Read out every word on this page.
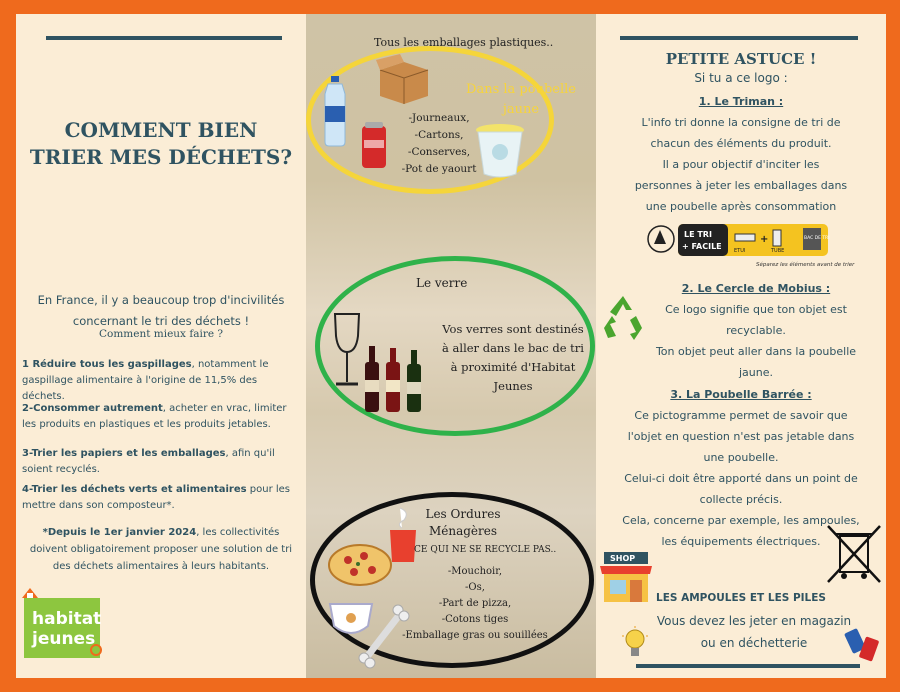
COMMENT BIEN
TRIER MES DÉCHETS?
En France, il y a beaucoup trop d'incivilités concernant le tri des déchets !
Comment mieux faire ?
1 Réduire tous les gaspillages, notamment le gaspillage alimentaire à l'origine de 11,5% des déchets.
2-Consommer autrement, acheter en vrac, limiter les produits en plastiques et les produits jetables.
3-Trier les papiers et les emballages, afin qu'il soient recyclés.
4-Trier les déchets verts et alimentaires pour les mettre dans son composteur*.
*Depuis le 1er janvier 2024, les collectivités doivent obligatoirement proposer une solution de tri des déchets alimentaires à leurs habitants.
habitat
jeunes
Tous les emballages plastiques..
-Journeaux,
-Cartons,
-Conserves,
-Pot de yaourt
Dans la poubelle
jaune
Le verre
Vos verres sont destinés à aller dans le bac de tri à proximité d'Habitat Jeunes
Les Ordures
Ménagères
CE QUI NE SE RECYCLE PAS..
-Mouchoir,
-Os,
-Part de pizza,
-Cotons tiges
-Emballage gras ou souillées
PETITE ASTUCE !
Si tu a ce logo :
1. Le Triman :
L'info tri donne la consigne de tri de
chacun des éléments du produit.
Il a pour objectif d'inciter les
personnes à jeter les emballages dans
une poubelle après consommation
LE TRI
+ FACILE
+	BAC DE TRI
ETUI	TUBE
Séparez les éléments avant de trier
2. Le Cercle de Mobius :
Ce logo signifie que ton objet est
recyclable.
Ton objet peut aller dans la poubelle
jaune.
3. La Poubelle Barrée :
Ce pictogramme permet de savoir que
l'objet en question n'est pas jetable dans
une poubelle.
Celui-ci doit être apporté dans un point de
collecte précis.
Cela, concerne par exemple, les ampoules,
les équipements électriques.
SHOP
LES AMPOULES ET LES PILES
Vous devez les jeter en magazin
ou en déchetterie
